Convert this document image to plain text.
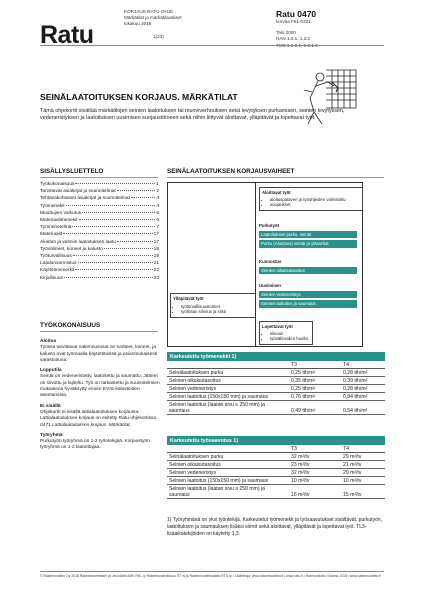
Ratu
KORJAUS-RATU-OHJE
Märkätilat ja märkätilaväliset
lokakuu 2018
1(23)
Ratu 0470
korvaa F61-0321
Talo 2000
HAN 1.3.1, 1.3.2
TUO 1.1.9.1, 9.2.1.4
SEINÄLAATOITUKSEN KORJAUS. MÄRKÄTILAT
Tämä ohjekortti sisältää märkätilojen seinien laatoituksen tai muoviverhouksen sekä levytyksen purkamisen, seinien levytyksen, vedeneristyksen ja laatoituksen uusimisen suojaustöineen sekä niihin liittyvät aloittavat, ylläpitävät ja lopettavat työt.
SISÄLLYSLUETTELO
Työkokonaisuus	1
Tarvittavat asiakirjat ja suunnitelmat	2
Tehtävakohtaiset asiakirjat ja suunnitelmat	3
Työmenekit	4
Muuttujien vaikutus	5
Materiaalimenekit	6
Työmenetelmä	7
Materiaalit	17
Alustan ja valmiin laatoituksen laatu	17
Työvälineet, koneet ja kalusto	18
Työturvallisuus	19
Laadunvarmistus	21
Käyttöönvmerkit	22
Kirjallisuus	23
TYÖKOKONAISUUS
Aloitus
Työssä tarvittavat nakennusosat on tuotteet, koneet, ja kalusto ovat työmaalla käytettävissä ja asianmukaisesti varastoituna.
Lopputila
Seinät on vedeneristetty, laatoitettu ja saumattu. Jätteet on siivottu ja lajiteltu. Työ on tarkastettu ja suunnitelmien mukaisena hyväksytty ennen EVIS-kalusteiden asentamista.
Ei sisällä
Ohjekortti ei sisällä lattialaatoituksen korjausta. Lattialaatoituksen korjaus on esitetty Ratu-ohjekortissa 0471 Lattialaatoituksen korjaus. Märkätilat.
Työryhmä
Purkutyön työryhmä on 1-2 työntekijää. Korjaustyön työryhmä on 1-2 laatoittajaa.
SEINÄLAATOITUKSEN KORJAUSVAIHEET
Ylläpitävät työt
• työturvallisuustoimet
• työmaan siivous ja siisti
Aloittavat työt
• aloituspalaveri ja työohjeiden valmistelu
• suojaukset
Purkutyöt
Laatoituksen purku, seinät
Purku (Alustava) seinät ja ylänurkat
Kunnostus
Seinien oikaisutasoitus
Uusiminen
Seinien vedeneristys
Seinien laatoitus ja saumaus
Lopettavat työt
• siivous
• työvälineiden huolto
Karkeutettu työmenekki 1)
	T3	T4
Seinälaatoituksen purku	0,25 tth/m²	0,28 tth/m²
Seinien oikaisutasoitus	0,35 tth/m²	0,39 tth/m²
Seinien vedeneristys	0,25 tth/m²	0,28 tth/m²
Seinien laatoitus (150x150 mm) ja saumaus	0,76 tth/m²	0,84 tth/m²
Seinien laatoitus (laatan sivu ≥ 250 mm) ja saumaus	0,49 tth/m²	0,54 tth/m²
Karkeutettu työsaavutus 1)
	T3	T4
Seinälaatoituksen purku	32 m²/tv	29 m²/tv
Seinien oikaisutasoitus	23 m²/tv	21 m²/tv
Seinien vedeneristys	32 m²/tv	29 m²/tv
Seinien laatoitus (150x150 mm) ja saumaus	10 m²/tv	10 m²/tv
Seinien laatoitus (laatan sivu ≥ 250 mm) ja saumaus	16 m²/tv	15 m²/tv
1) Työryhmänä on yksi työntekijä. Karkeutetut työmenekit ja työsaavutukset sisältävät, purkutyön, laatoituksen ja saumauksen lisäksi siirrot sekä aloittavat, ylläpitävät ja lopettavat työt. TL3-lisäaikatekijöiden on käytetty 1,3.
© Rakennustieto Oy 2018 Rakennusmestarit ja -insinöörit AMK RKL ry Rakennusteollisuus RT ry ja Rakennustietosäätiö RTS sr • Lisätietoja: www.rakennustieto.fi • www.ratu.fi • Harmonisoitu Vuonna 2018 • www.rakennustieto.fi
